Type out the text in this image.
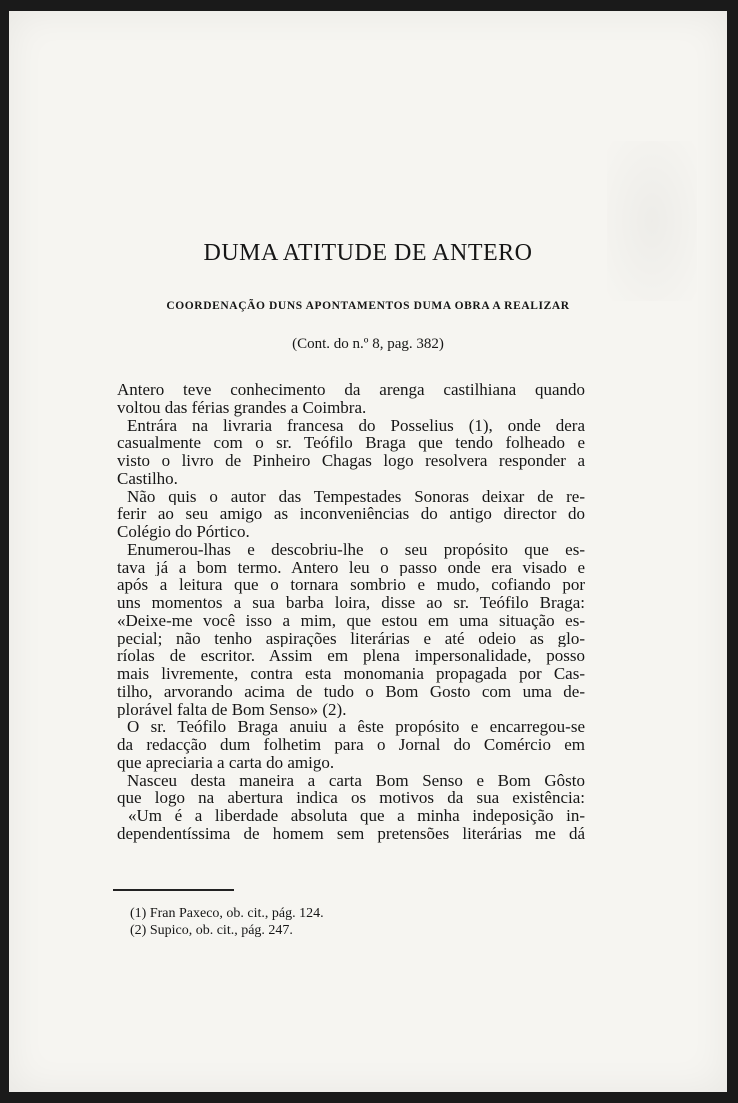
DUMA ATITUDE DE ANTERO
COORDENAÇÃO DUNS APONTAMENTOS DUMA OBRA A REALIZAR
(Cont. do n.º 8, pag. 382)
Antero teve conhecimento da arenga castilhiana quando
voltou das férias grandes a Coimbra.
Entrára na livraria francesa do Posselius (1), onde dera
casualmente com o sr. Teófilo Braga que tendo folheado e
visto o livro de Pinheiro Chagas logo resolvera responder a
Castilho.
Não quis o autor das Tempestades Sonoras deixar de re-
ferir ao seu amigo as inconveniências do antigo director do
Colégio do Pórtico.
Enumerou-lhas e descobriu-lhe o seu propósito que es-
tava já a bom termo. Antero leu o passo onde era visado e
após a leitura que o tornara sombrio e mudo, cofiando por
uns momentos a sua barba loira, disse ao sr. Teófilo Braga:
«Deixe-me você isso a mim, que estou em uma situação es-
pecial; não tenho aspirações literárias e até odeio as glo-
ríolas de escritor. Assim em plena impersonalidade, posso
mais livremente, contra esta monomania propagada por Cas-
tilho, arvorando acima de tudo o Bom Gosto com uma de-
plorável falta de Bom Senso» (2).
O sr. Teófilo Braga anuiu a êste propósito e encarregou-se
da redacção dum folhetim para o Jornal do Comércio em
que apreciaria a carta do amigo.
Nasceu desta maneira a carta Bom Senso e Bom Gôsto
que logo na abertura indica os motivos da sua existência:
«Um é a liberdade absoluta que a minha indeposição in-
dependentíssima de homem sem pretensões literárias me dá
(1) Fran Paxeco, ob. cit., pág. 124.
(2) Supico, ob. cit., pág. 247.
